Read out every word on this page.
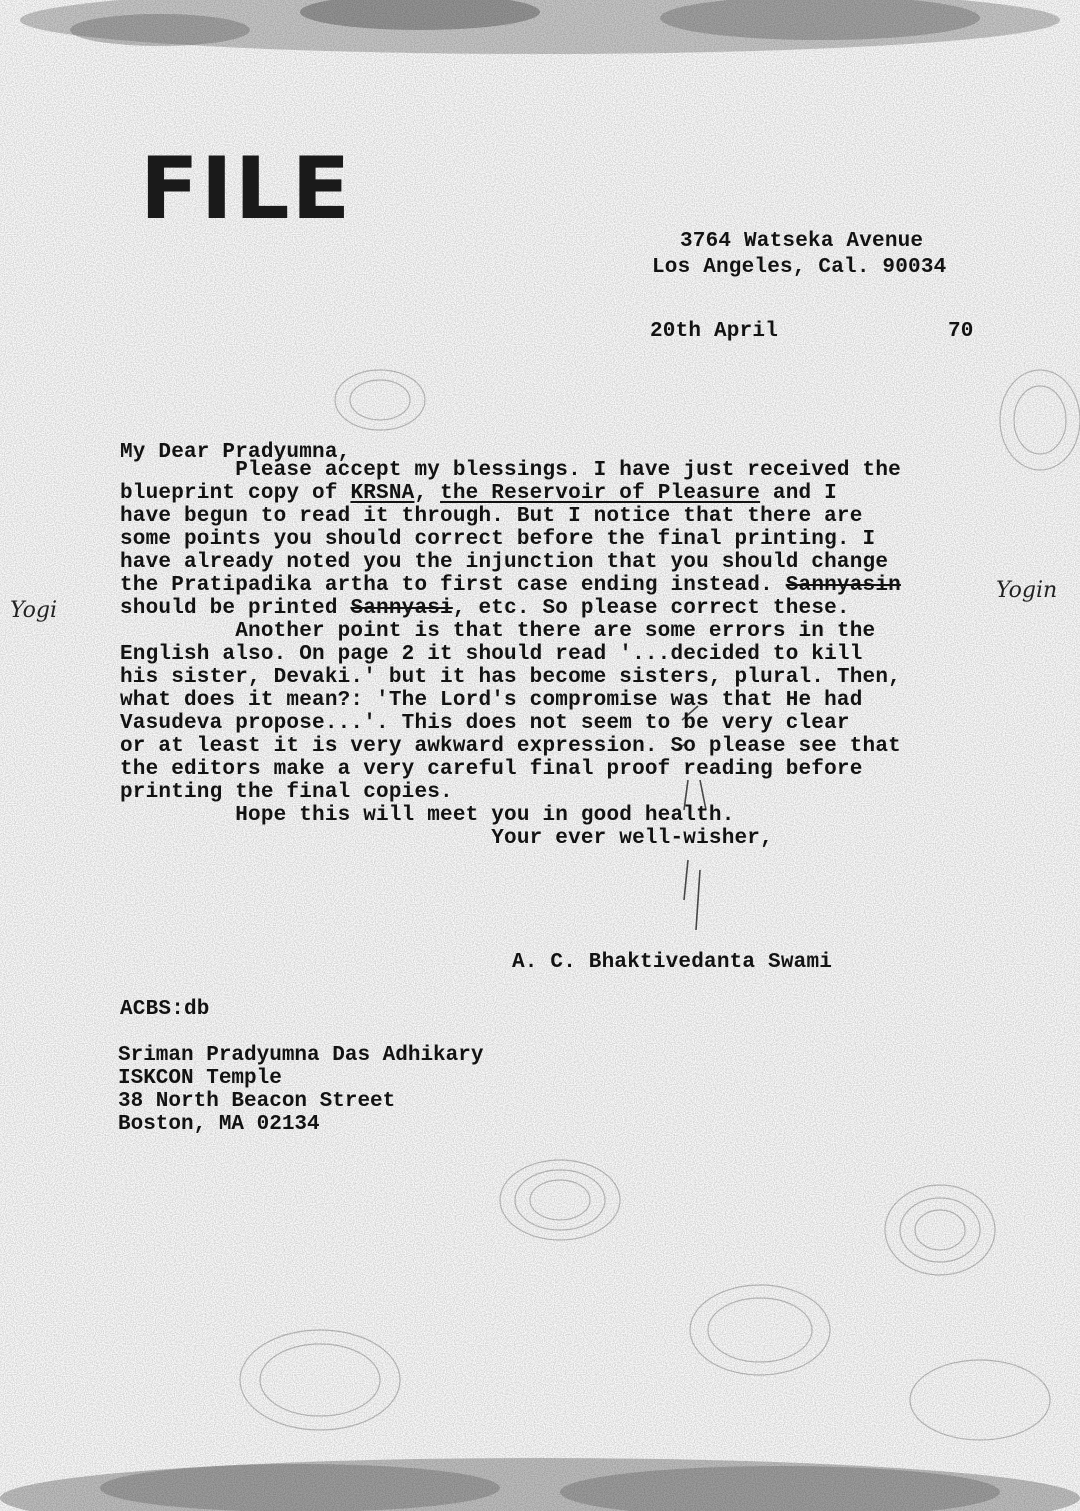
FILE
3764 Watseka Avenue
Los Angeles, Cal. 90034
20th April	70
My Dear Pradyumna,
Please accept my blessings. I have just received the
blueprint copy of KRSNA, the Reservoir of Pleasure and I
have begun to read it through. But I notice that there are
some points you should correct before the final printing. I
have already noted you the injunction that you should change
the Pratipadika artha to first case ending instead. Sannyasin
should be printed Sannyasi, etc. So please correct these.
Another point is that there are some errors in the
English also. On page 2 it should read '...decided to kill
his sister, Devaki.' but it has become sisters, plural. Then,
what does it mean?: 'The Lord's compromise was that He had
Vasudeva propose...'. This does not seem to be very clear
or at least it is very awkward expression. So please see that
the editors make a very careful final proof reading before
printing the final copies.
Hope this will meet you in good health.
Your ever well-wisher,
Yogi
Yogin
A. C. Bhaktivedanta Swami
ACBS:db
Sriman Pradyumna Das Adhikary
ISKCON Temple
38 North Beacon Street
Boston, MA 02134
